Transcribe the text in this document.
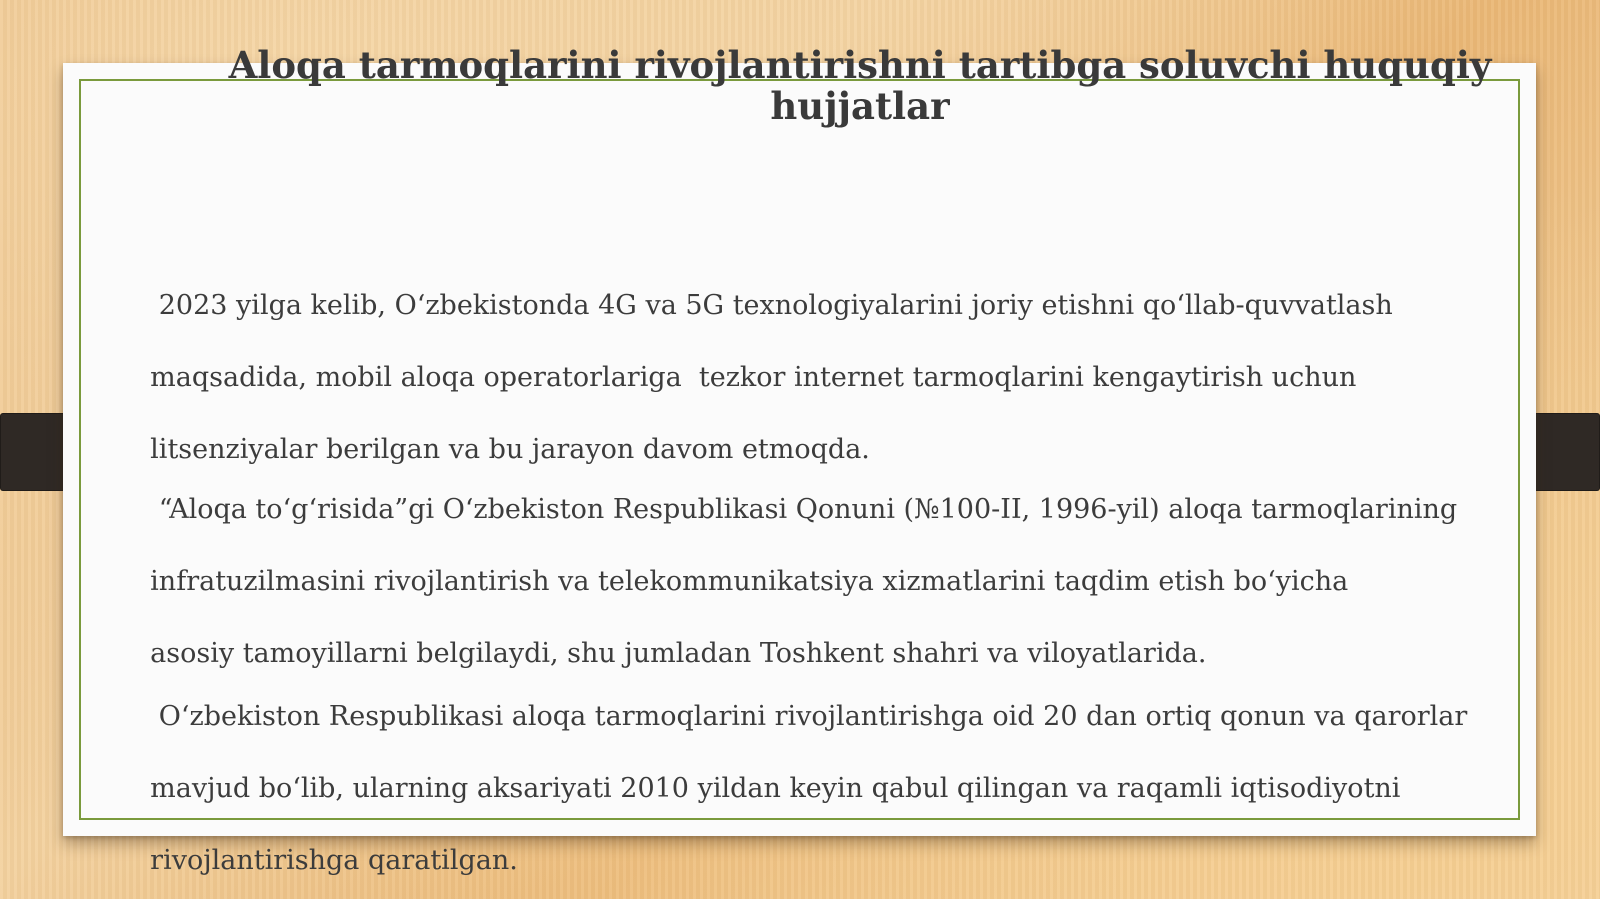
Aloqa tarmoqlarini rivojlantirishni tartibga soluvchi huquqiy
hujjatlar

2023 yilga kelib, O‘zbekistonda 4G va 5G texnologiyalarini joriy etishni qo‘llab-quvvatlash

maqsadida, mobil aloqa operatorlariga  tezkor internet tarmoqlarini kengaytirish uchun

litsenziyalar berilgan va bu jarayon davom etmoqda.

“Aloqa to‘g‘risida”gi O‘zbekiston Respublikasi Qonuni (№100-II, 1996-yil) aloqa tarmoqlarining

infratuzilmasini rivojlantirish va telekommunikatsiya xizmatlarini taqdim etish bo‘yicha

asosiy tamoyillarni belgilaydi, shu jumladan Toshkent shahri va viloyatlarida.

O‘zbekiston Respublikasi aloqa tarmoqlarini rivojlantirishga oid 20 dan ortiq qonun va qarorlar

mavjud bo‘lib, ularning aksariyati 2010 yildan keyin qabul qilingan va raqamli iqtisodiyotni

rivojlantirishga qaratilgan.
